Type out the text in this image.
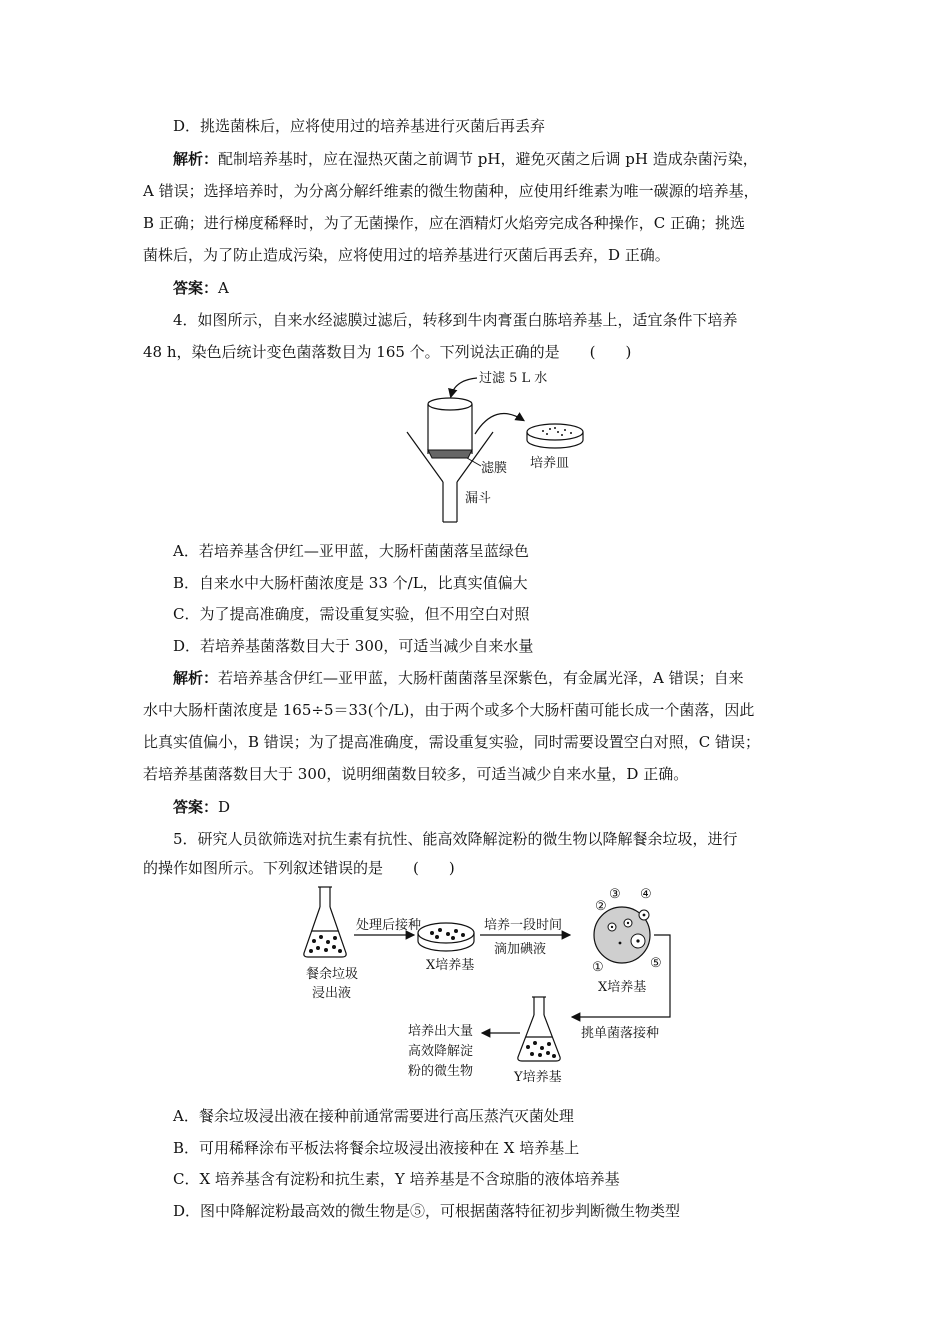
D．挑选菌株后，应将使用过的培养基进行灭菌后再丢弃
解析：配制培养基时，应在湿热灭菌之前调节 pH，避免灭菌之后调 pH 造成杂菌污染，
A 错误；选择培养时，为分离分解纤维素的微生物菌种，应使用纤维素为唯一碳源的培养基，
B 正确；进行梯度稀释时，为了无菌操作，应在酒精灯火焰旁完成各种操作，C 正确；挑选
菌株后，为了防止造成污染，应将使用过的培养基进行灭菌后再丢弃，D 正确。
答案：A
4．如图所示，自来水经滤膜过滤后，转移到牛肉膏蛋白胨培养基上，适宜条件下培养
48 h，染色后统计变色菌落数目为 165 个。下列说法正确的是　　(　　)
过滤 5 L 水
培养皿
滤膜
漏斗
A．若培养基含伊红—亚甲蓝，大肠杆菌菌落呈蓝绿色
B．自来水中大肠杆菌浓度是 33 个/L，比真实值偏大
C．为了提高准确度，需设重复实验，但不用空白对照
D．若培养基菌落数目大于 300，可适当减少自来水量
解析：若培养基含伊红—亚甲蓝，大肠杆菌菌落呈深紫色，有金属光泽，A 错误；自来
水中大肠杆菌浓度是 165÷5＝33(个/L)，由于两个或多个大肠杆菌可能长成一个菌落，因此
比真实值偏小，B 错误；为了提高准确度，需设重复实验，同时需要设置空白对照，C 错误；
若培养基菌落数目大于 300，说明细菌数目较多，可适当减少自来水量，D 正确。
答案：D
5．研究人员欲筛选对抗生素有抗性、能高效降解淀粉的微生物以降解餐余垃圾，进行
的操作如图所示。下列叙述错误的是　　(　　)
餐余垃圾
浸出液
处理后接种
X培养基
培养一段时间
滴加碘液
②
③ ④
①	⑤
X培养基
挑单菌落接种
Y培养基
培养出大量
高效降解淀
粉的微生物
A．餐余垃圾浸出液在接种前通常需要进行高压蒸汽灭菌处理
B．可用稀释涂布平板法将餐余垃圾浸出液接种在 X 培养基上
C．X 培养基含有淀粉和抗生素，Y 培养基是不含琼脂的液体培养基
D．图中降解淀粉最高效的微生物是⑤，可根据菌落特征初步判断微生物类型
